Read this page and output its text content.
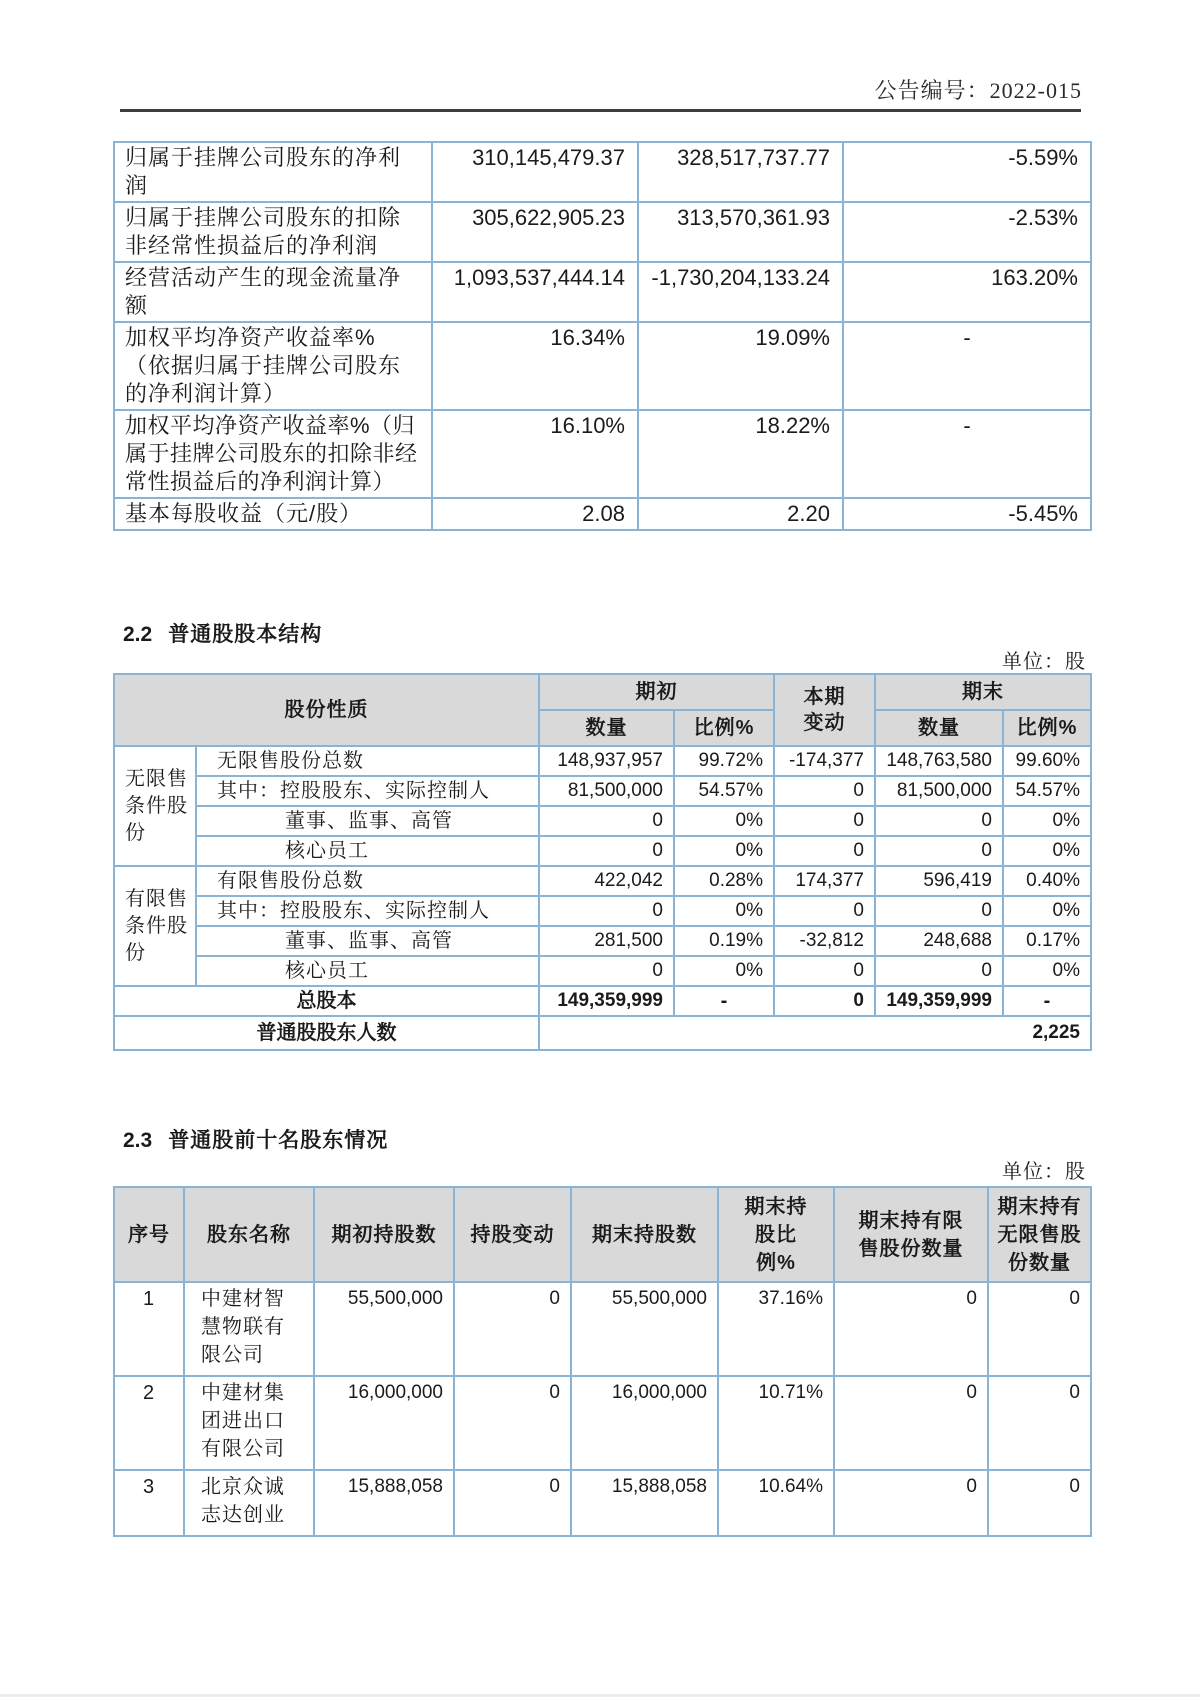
公告编号：2022-015
归属于挂牌公司股东的净利润	310,145,479.37	328,517,737.77	-5.59%
归属于挂牌公司股东的扣除非经常性损益后的净利润	305,622,905.23	313,570,361.93	-2.53%
经营活动产生的现金流量净额	1,093,537,444.14	-1,730,204,133.24	163.20%
加权平均净资产收益率%（依据归属于挂牌公司股东的净利润计算）	16.34%	19.09%	-
加权平均净资产收益率%（归属于挂牌公司股东的扣除非经常性损益后的净利润计算）	16.10%	18.22%	-
基本每股收益（元/股）	2.08	2.20	-5.45%
2.2 普通股股本结构
单位：股
股份性质		期初		本期变动	期末	
		数量	比例%		数量	比例%
无限售条件股份	无限售股份总数	148,937,957	99.72%	-174,377	148,763,580	99.60%
	其中：控股股东、实际控制人	81,500,000	54.57%	0	81,500,000	54.57%
	董事、监事、高管	0	0%	0	0	0%
	核心员工	0	0%	0	0	0%
有限售条件股份	有限售股份总数	422,042	0.28%	174,377	596,419	0.40%
	其中：控股股东、实际控制人	0	0%	0	0	0%
	董事、监事、高管	281,500	0.19%	-32,812	248,688	0.17%
	核心员工	0	0%	0	0	0%
总股本		149,359,999	-	0	149,359,999	-
普通股股东人数		2,225				
2.3 普通股前十名股东情况
单位：股
序号	股东名称	期初持股数	持股变动	期末持股数	期末持股比例%	期末持有限售股份数量	期末持有无限售股份数量
1	中建材智慧物联有限公司	55,500,000	0	55,500,000	37.16%	0	0
2	中建材集团进出口有限公司	16,000,000	0	16,000,000	10.71%	0	0
3	北京众诚志达创业	15,888,058	0	15,888,058	10.64%	0	0
